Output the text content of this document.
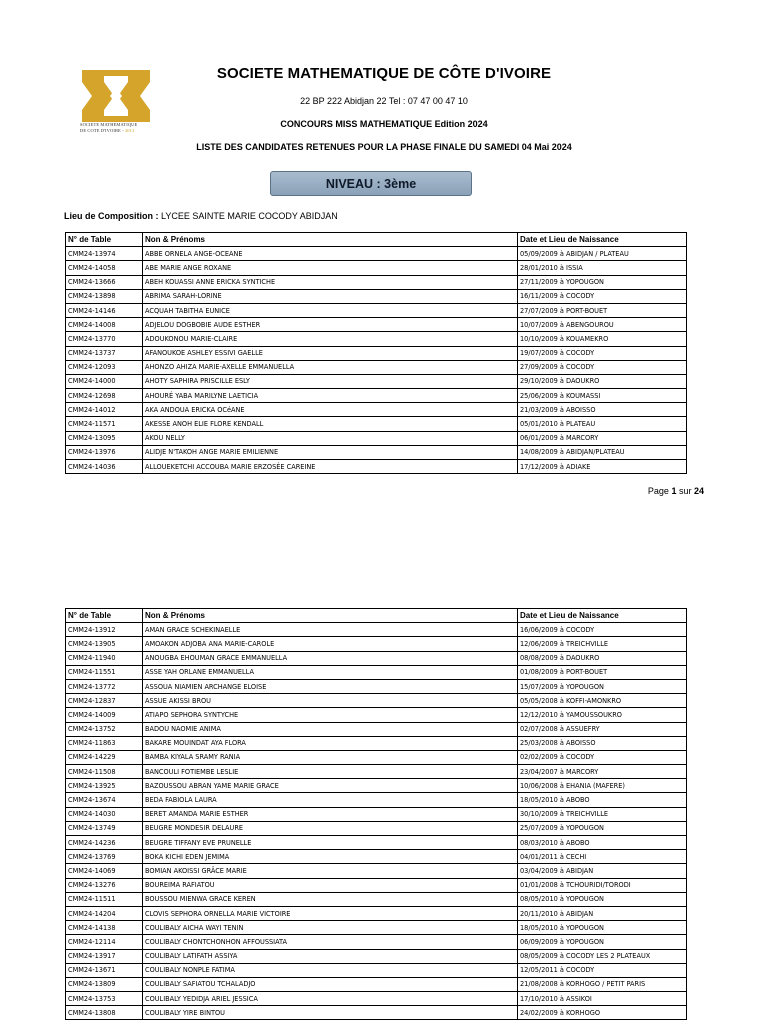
SOCIETE MATHEMATIQUE
DE COTE D'IVOIRE - 2013
SOCIETE MATHEMATIQUE DE CÔTE D'IVOIRE
22 BP 222 Abidjan 22 Tel : 07 47 00 47 10
CONCOURS MISS MATHEMATIQUE Edition 2024
LISTE DES CANDIDATES RETENUES POUR LA PHASE FINALE DU SAMEDI 04 Mai 2024
NIVEAU : 3ème
Lieu de Composition : LYCEE SAINTE MARIE COCODY ABIDJAN
N° de Table	Non & Prénoms	Date et Lieu de Naissance
CMM24-13974	ABBE ORNELA ANGE-OCEANE	05/09/2009 à ABIDJAN / PLATEAU
CMM24-14058	ABE MARIE ANGE ROXANE	28/01/2010 à ISSIA
CMM24-13666	ABEH KOUASSI ANNE ERICKA SYNTICHE	27/11/2009 à YOPOUGON
CMM24-13898	ABRIMA SARAH-LORINE	16/11/2009 à COCODY
CMM24-14146	ACQUAH TABITHA EUNICE	27/07/2009 à PORT-BOUET
CMM24-14008	ADJELOU DOGBOBIE AUDE ESTHER	10/07/2009 à ABENGOUROU
CMM24-13770	ADOUKONOU MARIE-CLAIRE	10/10/2009 à KOUAMEKRO
CMM24-13737	AFANOUKOE ASHLEY ESSIVI GAELLE	19/07/2009 à COCODY
CMM24-12093	AHONZO AHIZA MARIE-AXELLE EMMANUELLA	27/09/2009 à COCODY
CMM24-14000	AHOTY SAPHIRA PRISCILLE ESLY	29/10/2009 à DAOUKRO
CMM24-12698	AHOURÉ YABA MARILYNE LAETICIA	25/06/2009 à KOUMASSI
CMM24-14012	AKA ANDOUA ERICKA OCéANE	21/03/2009 à ABOISSO
CMM24-11571	AKESSE ANOH ELIE FLORE KENDALL	05/01/2010 à PLATEAU
CMM24-13095	AKOU NELLY	06/01/2009 à MARCORY
CMM24-13976	ALIDJE N'TAKOH ANGE MARIE EMILIENNE	14/08/2009 à ABIDJAN/PLATEAU
CMM24-14036	ALLOUEKETCHI ACCOUBA MARIE ERZOSÉE CAREINE	17/12/2009 à ADIAKE
Page 1 sur 24
N° de Table	Non & Prénoms	Date et Lieu de Naissance
CMM24-13912	AMAN GRACE SCHEKINAELLE	16/06/2009 à COCODY
CMM24-13905	AMOAKON ADJOBA ANA MARIE-CAROLE	12/06/2009 à TREICHVILLE
CMM24-11940	ANOUGBA EHOUMAN GRACE EMMANUELLA	08/08/2009 à DAOUKRO
CMM24-11551	ASSE YAH ORLANE EMMANUELLA	01/08/2009 à PORT-BOUET
CMM24-13772	ASSOUA NIAMIEN ARCHANGE ELOISE	15/07/2009 à YOPOUGON
CMM24-12837	ASSUE AKISSI BROU	05/05/2008 à KOFFI-AMONKRO
CMM24-14009	ATIAPO SEPHORA SYNTYCHE	12/12/2010 à YAMOUSSOUKRO
CMM24-13752	BADOU NAOMIE ANIMA	02/07/2008 à ASSUEFRY
CMM24-11863	BAKARE MOUINDAT AYA FLORA	25/03/2008 à ABOISSO
CMM24-14229	BAMBA KIYALA SRAMY RANIA	02/02/2009 à COCODY
CMM24-11508	BANCOULI FOTIEMBE LESLIE	23/04/2007 à MARCORY
CMM24-13925	BAZOUSSOU ABRAN YAME MARIE GRACE	10/06/2008 à EHANIA (MAFERE)
CMM24-13674	BEDA FABIOLA LAURA	18/05/2010 à ABOBO
CMM24-14030	BERET AMANDA MARIE ESTHER	30/10/2009 à TREICHVILLE
CMM24-13749	BEUGRE MONDESIR DELAURE	25/07/2009 à YOPOUGON
CMM24-14236	BEUGRE TIFFANY EVE PRUNELLE	08/03/2010 à ABOBO
CMM24-13769	BOKA KICHI EDEN JEMIMA	04/01/2011 à CECHI
CMM24-14069	BOMIAN AKOISSI GRÂCE MARIE	03/04/2009 à ABIDJAN
CMM24-13276	BOUREIMA RAFIATOU	01/01/2008 à TCHOURIDI/TORODI
CMM24-11511	BOUSSOU MIENWA GRACE KEREN	08/05/2010 à YOPOUGON
CMM24-14204	CLOVIS SEPHORA ORNELLA MARIE VICTOIRE	20/11/2010 à ABIDJAN
CMM24-14138	COULIBALY AICHA WAYI TENIN	18/05/2010 à YOPOUGON
CMM24-12114	COULIBALY CHONTCHONHON AFFOUSSIATA	06/09/2009 à YOPOUGON
CMM24-13917	COULIBALY LATIFATH ASSIYA	08/05/2009 à COCODY LES 2 PLATEAUX
CMM24-13671	COULIBALY NONPLE FATIMA	12/05/2011 à COCODY
CMM24-13809	COULIBALY SAFIATOU TCHALADJO	21/08/2008 à KORHOGO / PETIT PARIS
CMM24-13753	COULIBALY YEDIDJA ARIEL JESSICA	17/10/2010 à ASSIKOI
CMM24-13808	COULIBALY YIRE BINTOU	24/02/2009 à KORHOGO
